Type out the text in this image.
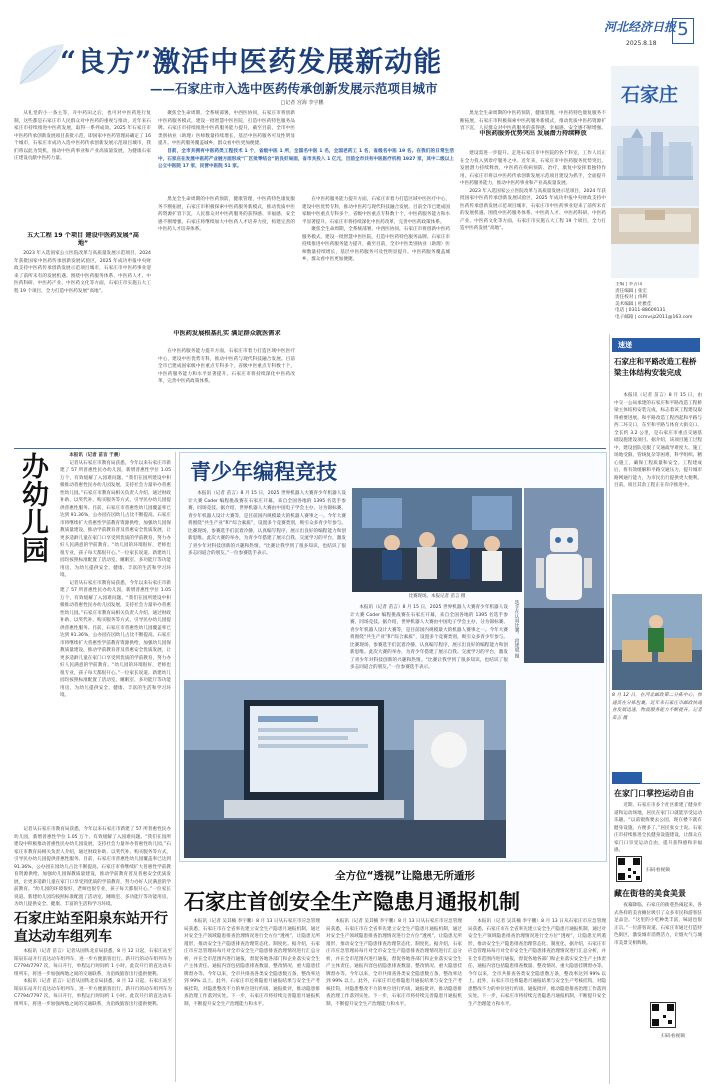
河北经济日报
2025.8.18
5
石家庄
主编 | 李占山
责任编辑 | 张宏
责任校对 | 佟利
美术编辑 | 杜雅佳
电话 | 0311-88609131
电子邮箱 | ccmvsjz2011@163.com
“良方”激活中医药发展新动能
——石家庄市入选中医药传承创新发展示范项目城市
□记者 宫海 李宇鹏

从礼堂的小一条主等，开中药田之后，也可对中医药进行复制，这些都是石家庄市人民群众对中医药的重视与推动，近年来石家庄市持续推进中医药发展，取得一系列成效。2025 年石家庄市中医药传承创新发展项目获批示范，即国家中医药管理局确定了 16 个城市，石家庄市成功入选中医药传承创新发展示范项目城市，我们将以此为契机，推动中医药事业和产业高质量发展，为健康石家庄建设贡献中医药力量。

五大工程 19 个项目 建设中医药发展“高地”

2023 年入选国家公立医院改革与高质量发展示范项目，2024 年获批国家中医药传承创新发展试验区，2025 年成功申报中央财政支持中医药传承创新发展示范项目城市，石家庄市中医药事业迎来了前所未有的发展机遇。围绕中医药服务体系、中医药人才、中医药科研、中医药产业、中医药文化等方面，石家庄市实施五大工程 19 个项目，全力打造中医药发展“高地”。

聚焦全生命周期，全系统部署，中西医协同，石家庄市将创新中医药服务模式，建设一批智慧中医医院，打造中医药特色服务品牌。石家庄市持续推进中医药服务能力提升，截至目前，全市中医类别执业（助理）医师数量持续增长，基层中医药服务可及性明显提升。中医药服务覆盖城乡，群众看中医更加便捷。

目前，全市共拥有中医药类工程技术 1 个，省级中医 1 所，全国名中医 1 名，全国老药工 1 名，省级名中医 19 名。在我们的日常生活中，石家庄在发展中医药产业链方面形成“厂区批零结合”的良好局面，省市共投入 1 亿元，目前全市共有中医医疗机构 1927 家，其中二级以上公立中医院 17 家，民营中医院 51 家。

黑龙全生命周期的中医药预防，健康管理，中医药特色康复服务不断拓展，石家庄市积极探索中医药服务新模式，推动优质中医药资源扩容下沉，人民群众对中医药服务的获得感、幸福感、安全感不断增强。石家庄将继续加大中医药人才培养力度，构建完善的中医药人才培养体系。

中医药发展根基扎实 满足群众就医需求

在中医药服务能力提升方面，石家庄市着力打造区域中医医疗中心，建设中医优势专科，推动中医药与现代科技融合发展。目前全市已建成国家级中医重点专科多个，省级中医重点专科数十个，中医药服务能力和水平显著提升。石家庄市将持续深化中医药改革，完善中医药政策体系。

在中医药服务能力提升方面，石家庄市着力打造区域中医医疗中心，建设中医优势专科，推动中医药与现代科技融合发展。目前全市已建成国家级中医重点专科多个，省级中医重点专科数十个，中医药服务能力和水平显著提升。石家庄市将持续深化中医药改革，完善中医药政策体系。

聚焦全生命周期，全系统部署，中西医协同，石家庄市将创新中医药服务模式，建设一批智慧中医医院，打造中医药特色服务品牌。石家庄市持续推进中医药服务能力提升，截至目前，全市中医类别执业（助理）医师数量持续增长，基层中医药服务可及性明显提升。中医药服务覆盖城乡，群众看中医更加便捷。

黑龙全生命周期的中医药预防，健康管理，中医药特色康复服务不断拓展，石家庄市积极探索中医药服务新模式，推动优质中医药资源扩容下沉，人民群众对中医药服务的获得感、幸福感、安全感不断增强。

中医药服务优势突出 发展潜力持续释放

建设需进一步提升。走进石家庄市中医院的各个科室，工作人员正在全力投入到诊疗服务之中。近年来，石家庄市中医药服务优势突出，发展潜力持续释放，中医药在疾病预防、治疗、康复中发挥着独特作用。石家庄市将以中医药传承创新发展示范项目建设为抓手，全面提升中医药服务能力，推动中医药事业和产业高质量发展。

2023 年入选国家公立医院改革与高质量发展示范项目，2024 年获批国家中医药传承创新发展试验区，2025 年成功申报中央财政支持中医药传承创新发展示范项目城市，石家庄市中医药事业迎来了前所未有的发展机遇。围绕中医药服务体系、中医药人才、中医药科研、中医药产业、中医药文化等方面，石家庄市实施五大工程 19 个项目，全力打造中医药发展“高地”。

办幼儿园

本报讯（记者 苗言 于晨）

记者从石家庄市教育局获悉，今年以来石家庄市新建了 57 所普惠性民办幼儿园，新增普惠性学位 1.05 万个，有效缓解了入园难问题。“我们在园所建设中积极推动普惠性民办幼儿园发展，支持社会力量举办普惠性幼儿园。”石家庄市教育局相关负责人介绍，通过财政补助、以奖代补、购买服务等方式，引导民办幼儿园提供普惠性服务。目前，石家庄市普惠性幼儿园覆盖率已达到 91.36%，公办园在园幼儿占比不断提高。石家庄市将继续扩大普惠性学前教育资源供给，加强幼儿园保教质量建设，推动学前教育普及普惠安全优质发展，让更多适龄儿童在家门口享受到优质的学前教育，努力办好人民满意的学前教育。“幼儿园的环境很好，老师也很专业，孩子每天都很开心。”一位家长说道。新建幼儿园均按照标准配置了活动室、睡眠室、多功能厅等功能用房，为幼儿提供安全、健康、丰富的生活和学习环境。

记者从石家庄市教育局获悉，今年以来石家庄市新建了 57 所普惠性民办幼儿园，新增普惠性学位 1.05 万个，有效缓解了入园难问题。“我们在园所建设中积极推动普惠性民办幼儿园发展，支持社会力量举办普惠性幼儿园。”石家庄市教育局相关负责人介绍，通过财政补助、以奖代补、购买服务等方式，引导民办幼儿园提供普惠性服务。目前，石家庄市普惠性幼儿园覆盖率已达到 91.36%，公办园在园幼儿占比不断提高。石家庄市将继续扩大普惠性学前教育资源供给，加强幼儿园保教质量建设，推动学前教育普及普惠安全优质发展，让更多适龄儿童在家门口享受到优质的学前教育，努力办好人民满意的学前教育。“幼儿园的环境很好，老师也很专业，孩子每天都很开心。”一位家长说道。新建幼儿园均按照标准配置了活动室、睡眠室、多功能厅等功能用房，为幼儿提供安全、健康、丰富的生活和学习环境。

记者从石家庄市教育局获悉，今年以来石家庄市新建了 57 所普惠性民办幼儿园，新增普惠性学位 1.05 万个，有效缓解了入园难问题。“我们在园所建设中积极推动普惠性民办幼儿园发展，支持社会力量举办普惠性幼儿园。”石家庄市教育局相关负责人介绍，通过财政补助、以奖代补、购买服务等方式，引导民办幼儿园提供普惠性服务。目前，石家庄市普惠性幼儿园覆盖率已达到 91.36%，公办园在园幼儿占比不断提高。石家庄市将继续扩大普惠性学前教育资源供给，加强幼儿园保教质量建设，推动学前教育普及普惠安全优质发展，让更多适龄儿童在家门口享受到优质的学前教育，努力办好人民满意的学前教育。“幼儿园的环境很好，老师也很专业，孩子每天都很开心。”一位家长说道。新建幼儿园均按照标准配置了活动室、睡眠室、多功能厅等功能用房，为幼儿提供安全、健康、丰富的生活和学习环境。

石家庄站至阳泉东站开行直达动车组列车

本报讯（记者 苗言）记者从国铁北京局获悉，8 月 12 日起，石家庄站至阳泉东站开行直达动车组列车，进一步方便旅客出行。新开行的动车组列车为 C7794/7797 次，每日开行，单程运行时间约 1 小时。此次开行的直达动车组列车，将进一步加强两地之间的交通联系，为沿线旅客出行提供便利。

本报讯（记者 苗言）记者从国铁北京局获悉，8 月 12 日起，石家庄站至阳泉东站开行直达动车组列车，进一步方便旅客出行。新开行的动车组列车为 C7794/7797 次，每日开行，单程运行时间约 1 小时。此次开行的直达动车组列车，将进一步加强两地之间的交通联系，为沿线旅客出行提供便利。

青少年编程竞技

本报讯（记者 苗言）8 月 15 日，2025 世界机器人大赛青少年机器人设计大赛 Coder 编程挑战赛在石家庄开幕，来自全国各地的 1395 名选手参赛，同场竞技。据介绍，世界机器人大赛由中国电子学会主办，分为锦标赛、青少年机器人设计大赛等，是目前国内规模最大的机器人赛事之一。今年大赛将围绕“共生产业”和“综合素质”，设置多个竞赛类别，吸引众多青少年参与。比赛现场，参赛选手们沉着冷静，认真编写程序，展示出良好的编程能力和创新思维。此次大赛的举办，为青少年搭建了展示自我、交流学习的平台，激发了青少年对科技创新的兴趣和热情。“比赛让我学到了很多知识，也结识了很多志同道合的朋友。”一位参赛选手表示。

比赛现场。本报记者 苗言 摄
选手在认真比赛。 段建斌 摄

本报讯（记者 苗言）8 月 15 日，2025 世界机器人大赛青少年机器人设计大赛 Coder 编程挑战赛在石家庄开幕，来自全国各地的 1395 名选手参赛，同场竞技。据介绍，世界机器人大赛由中国电子学会主办，分为锦标赛、青少年机器人设计大赛等，是目前国内规模最大的机器人赛事之一。今年大赛将围绕“共生产业”和“综合素质”，设置多个竞赛类别，吸引众多青少年参与。比赛现场，参赛选手们沉着冷静，认真编写程序，展示出良好的编程能力和创新思维。此次大赛的举办，为青少年搭建了展示自我、交流学习的平台，激发了青少年对科技创新的兴趣和热情。“比赛让我学到了很多知识，也结识了很多志同道合的朋友。”一位参赛选手表示。

全方位“透视”让隐患无所遁形
石家庄首创安全生产隐患月通报机制

本报讯（记者 吴其楠 李宇鹏）8 月 13 日从石家庄市应急管理局获悉，石家庄市在全省率先建立安全生产隐患月通报机制，通过对安全生产领域隐患排查治理情况进行全方位“透视”，让隐患无所遁形，推动安全生产隐患排查治理常态化、制度化。据介绍，石家庄市应急管理局每月对全市安全生产隐患排查治理情况进行汇总分析，并在全市范围内进行通报，督促各地各部门和企业落实安全生产主体责任。通报内容包括隐患排查数量、整改情况、重大隐患挂牌督办等。今年以来，全市共排查各类安全隐患数万条，整改率达到 99% 以上。此外，石家庄市还将隐患月通报结果与安全生产考核挂钩，对隐患整改不力的单位进行约谈、通报批评，推动隐患排查治理工作落到实处。下一步，石家庄市将持续完善隐患月通报机制，不断提升安全生产治理能力和水平。

本报讯（记者 吴其楠 李宇鹏）8 月 13 日从石家庄市应急管理局获悉，石家庄市在全省率先建立安全生产隐患月通报机制，通过对安全生产领域隐患排查治理情况进行全方位“透视”，让隐患无所遁形，推动安全生产隐患排查治理常态化、制度化。据介绍，石家庄市应急管理局每月对全市安全生产隐患排查治理情况进行汇总分析，并在全市范围内进行通报，督促各地各部门和企业落实安全生产主体责任。通报内容包括隐患排查数量、整改情况、重大隐患挂牌督办等。今年以来，全市共排查各类安全隐患数万条，整改率达到 99% 以上。此外，石家庄市还将隐患月通报结果与安全生产考核挂钩，对隐患整改不力的单位进行约谈、通报批评，推动隐患排查治理工作落到实处。下一步，石家庄市将持续完善隐患月通报机制，不断提升安全生产治理能力和水平。

本报讯（记者 吴其楠 李宇鹏）8 月 13 日从石家庄市应急管理局获悉，石家庄市在全省率先建立安全生产隐患月通报机制，通过对安全生产领域隐患排查治理情况进行全方位“透视”，让隐患无所遁形，推动安全生产隐患排查治理常态化、制度化。据介绍，石家庄市应急管理局每月对全市安全生产隐患排查治理情况进行汇总分析，并在全市范围内进行通报，督促各地各部门和企业落实安全生产主体责任。通报内容包括隐患排查数量、整改情况、重大隐患挂牌督办等。今年以来，全市共排查各类安全隐患数万条，整改率达到 99% 以上。此外，石家庄市还将隐患月通报结果与安全生产考核挂钩，对隐患整改不力的单位进行约谈、通报批评，推动隐患排查治理工作落到实处。下一步，石家庄市将持续完善隐患月通报机制，不断提升安全生产治理能力和水平。

速递
石家庄和平路改造工程桥梁主体结构安装完成

本报讯（记者 苗言）8 月 15 日，由中交一公局承建的石家庄和平路改造工程桥梁主体结构安装完成，标志着该工程建设取得重要进展。和平路改造工程西起和平路与西二环交口，东至和平路与体育大街交口，全长约 3.2 公里，是石家庄市重点交通基础设施建设项目。据介绍，该项目施工过程中，建设团队克服了交通疏导难度大、施工场地受限、管线复杂等困难，科学组织、精心施工，确保工程质量和安全。工程建成后，将有效缓解和平路交通压力，提升城市路网通行能力，为市民出行提供更大便利。目前，项目其余工程正在有序推进中。

8 月 12 日，在河北邮政第二分拣中心，快递员在分拣包裹。近年来石家庄市邮政快递业发展迅速，物流服务能力不断提升。记者 苗言 摄

在家门口掌控运动自由

近期，石家庄市多个社区新建了健身步道和运动场地，居民在家门口就能享受运动乐趣。“以前锻炼要去公园，现在楼下就有健身设施，方便多了。”居民张女士说。石家庄市持续推进全民健身设施建设，让群众在家门口享受运动自由，提升获得感和幸福感。

扫码看视频
藏在街巷的美食美景

夜幕降临，石家庄的街巷热闹起来。各式各样的美食摊位吸引了众多市民和游客驻足品尝。“这里的小吃种类丰富，味道也很正宗。”一位游客说道。石家庄市通过打造特色街区，激发城市消费活力，让烟火气与城市美景交相辉映。

扫码看视频
